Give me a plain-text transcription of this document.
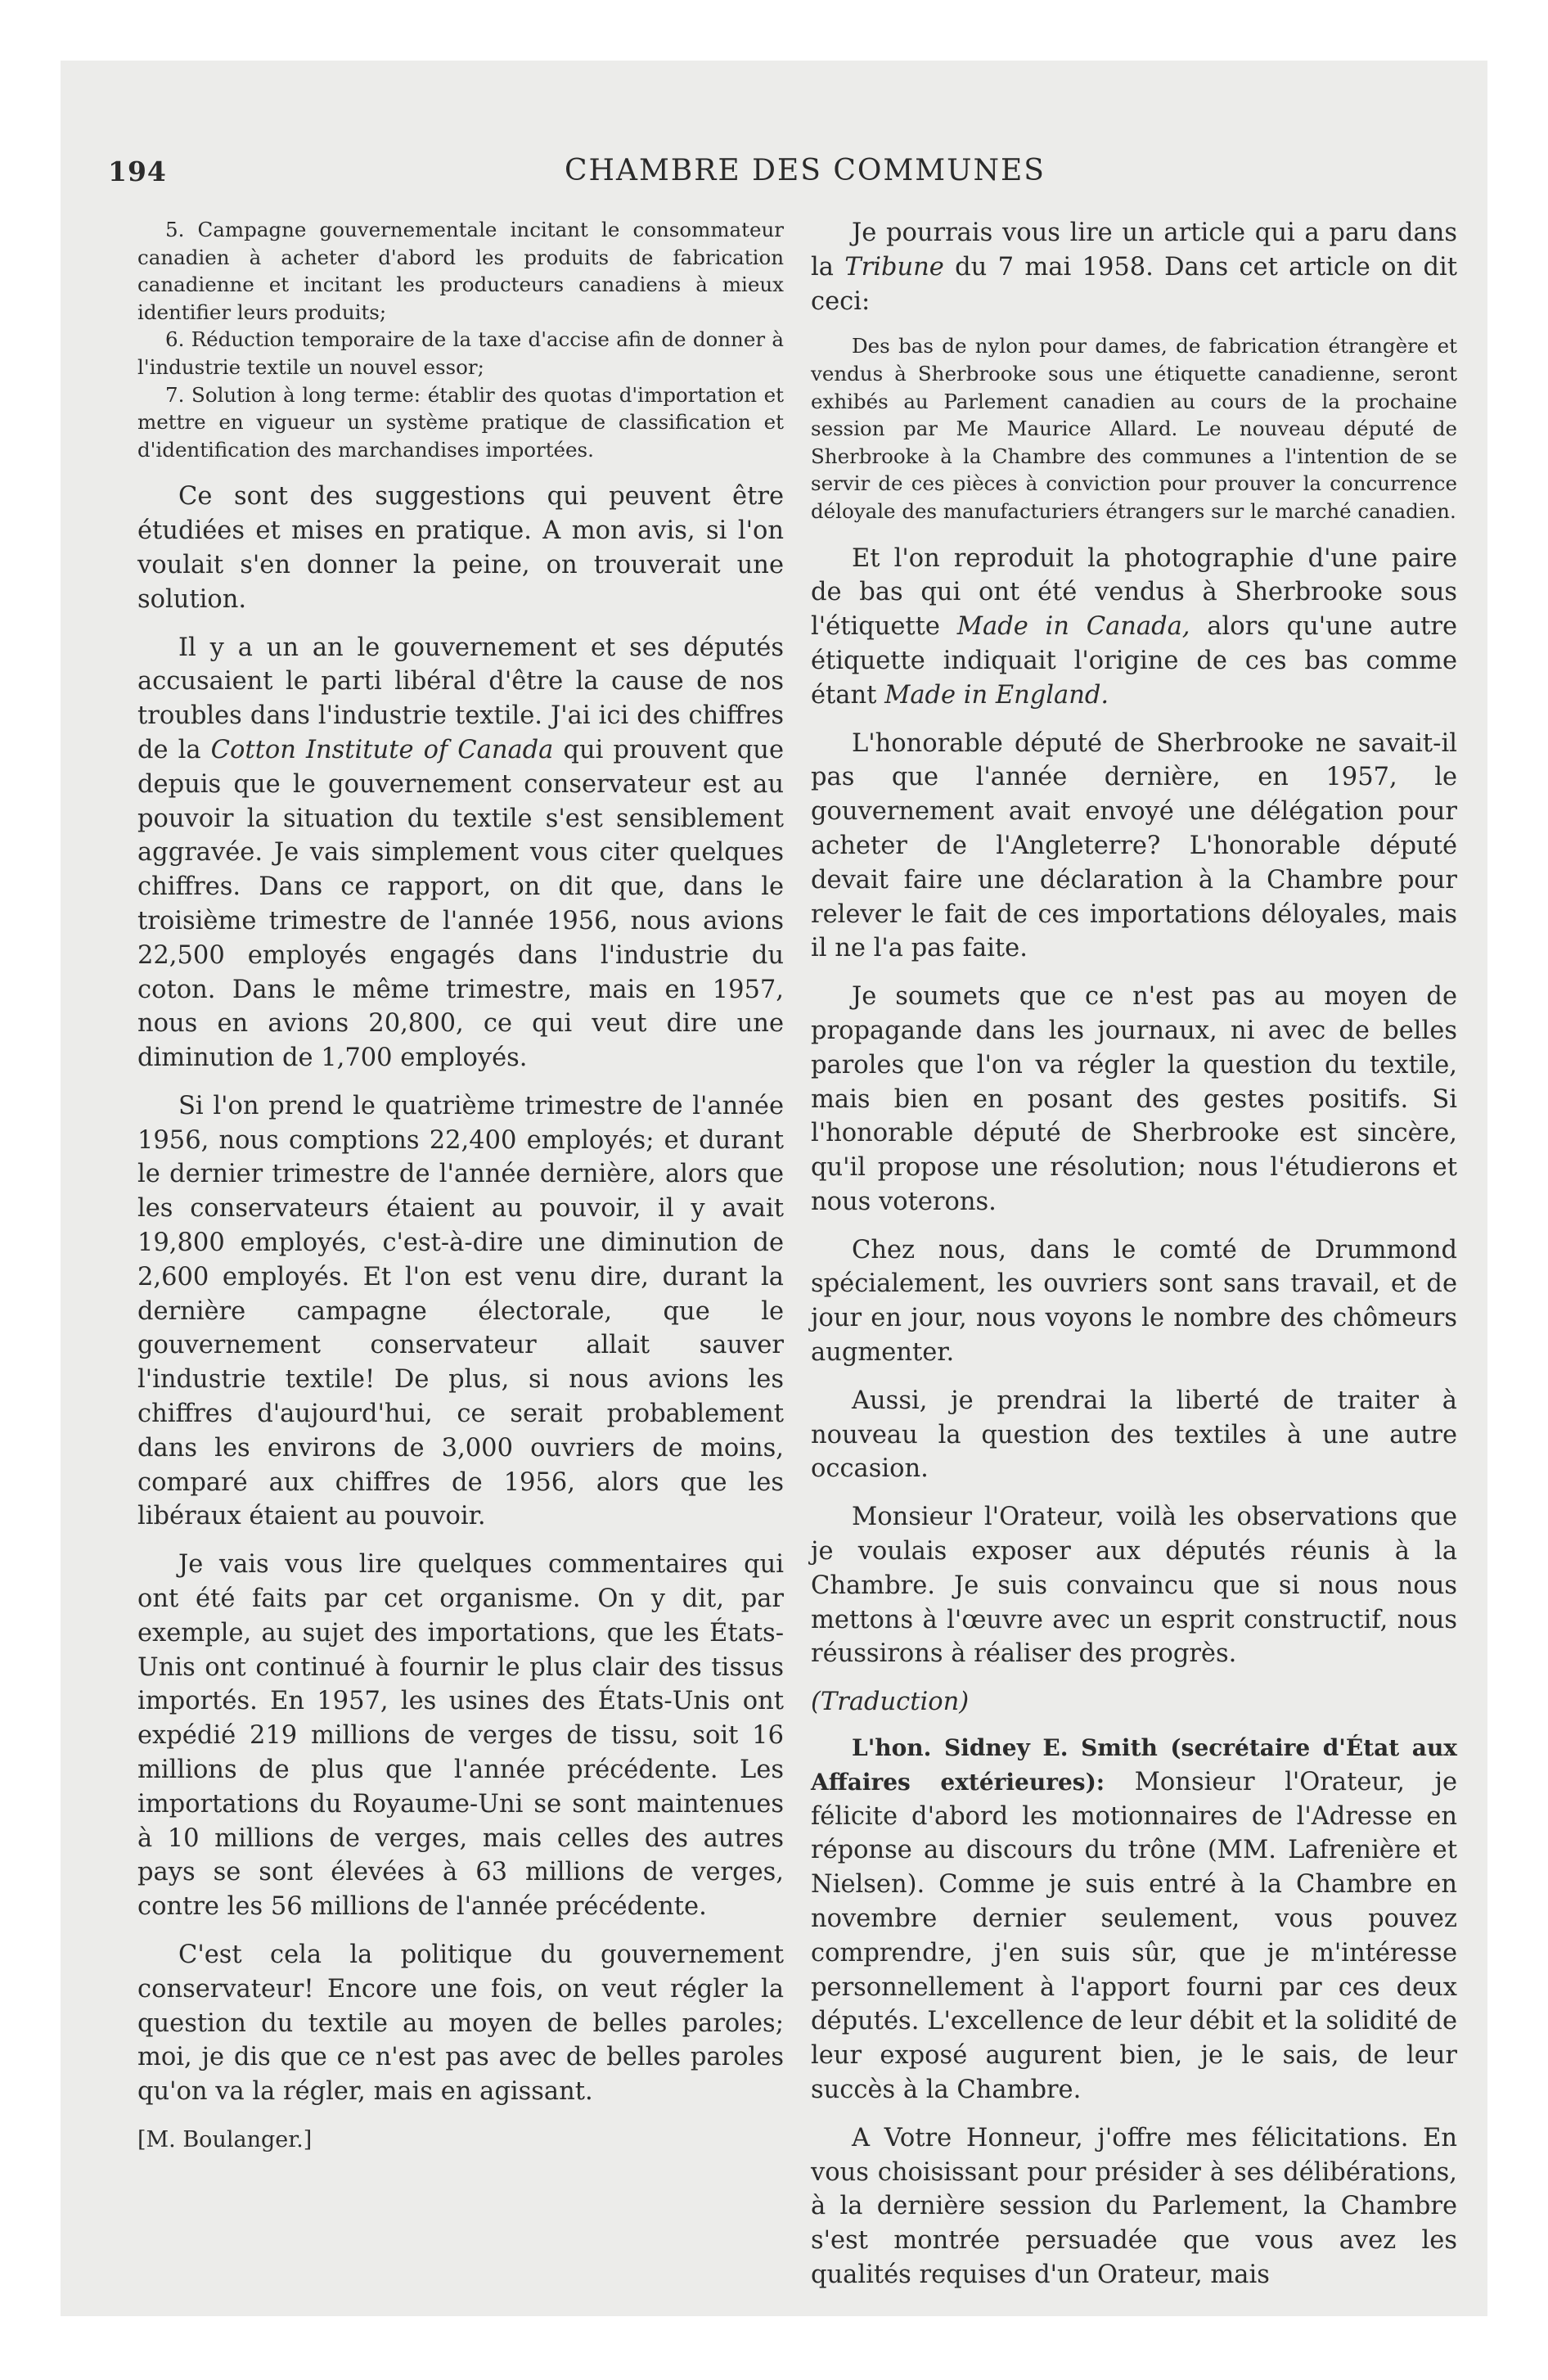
194	CHAMBRE DES COMMUNES

5. Campagne gouvernementale incitant le consommateur canadien à acheter d'abord les produits de fabrication canadienne et incitant les producteurs canadiens à mieux identifier leurs produits;

6. Réduction temporaire de la taxe d'accise afin de donner à l'industrie textile un nouvel essor;

7. Solution à long terme: établir des quotas d'importation et mettre en vigueur un système pratique de classification et d'identification des marchandises importées.

Ce sont des suggestions qui peuvent être étudiées et mises en pratique. A mon avis, si l'on voulait s'en donner la peine, on trouverait une solution.

Il y a un an le gouvernement et ses députés accusaient le parti libéral d'être la cause de nos troubles dans l'industrie textile. J'ai ici des chiffres de la Cotton Institute of Canada qui prouvent que depuis que le gouvernement conservateur est au pouvoir la situation du textile s'est sensiblement aggravée. Je vais simplement vous citer quelques chiffres. Dans ce rapport, on dit que, dans le troisième trimestre de l'année 1956, nous avions 22,500 employés engagés dans l'industrie du coton. Dans le même trimestre, mais en 1957, nous en avions 20,800, ce qui veut dire une diminution de 1,700 employés.

Si l'on prend le quatrième trimestre de l'année 1956, nous comptions 22,400 employés; et durant le dernier trimestre de l'année dernière, alors que les conservateurs étaient au pouvoir, il y avait 19,800 employés, c'est-à-dire une diminution de 2,600 employés. Et l'on est venu dire, durant la dernière campagne électorale, que le gouvernement conservateur allait sauver l'industrie textile! De plus, si nous avions les chiffres d'aujourd'hui, ce serait probablement dans les environs de 3,000 ouvriers de moins, comparé aux chiffres de 1956, alors que les libéraux étaient au pouvoir.

Je vais vous lire quelques commentaires qui ont été faits par cet organisme. On y dit, par exemple, au sujet des importations, que les États-Unis ont continué à fournir le plus clair des tissus importés. En 1957, les usines des États-Unis ont expédié 219 millions de verges de tissu, soit 16 millions de plus que l'année précédente. Les importations du Royaume-Uni se sont maintenues à 10 millions de verges, mais celles des autres pays se sont élevées à 63 millions de verges, contre les 56 millions de l'année précédente.

C'est cela la politique du gouvernement conservateur! Encore une fois, on veut régler la question du textile au moyen de belles paroles; moi, je dis que ce n'est pas avec de belles paroles qu'on va la régler, mais en agissant.

[M. Boulanger.]

Je pourrais vous lire un article qui a paru dans la Tribune du 7 mai 1958. Dans cet article on dit ceci:

Des bas de nylon pour dames, de fabrication étrangère et vendus à Sherbrooke sous une étiquette canadienne, seront exhibés au Parlement canadien au cours de la prochaine session par Me Maurice Allard. Le nouveau député de Sherbrooke à la Chambre des communes a l'intention de se servir de ces pièces à conviction pour prouver la concurrence déloyale des manufacturiers étrangers sur le marché canadien.

Et l'on reproduit la photographie d'une paire de bas qui ont été vendus à Sherbrooke sous l'étiquette Made in Canada, alors qu'une autre étiquette indiquait l'origine de ces bas comme étant Made in England.

L'honorable député de Sherbrooke ne savait-il pas que l'année dernière, en 1957, le gouvernement avait envoyé une délégation pour acheter de l'Angleterre? L'honorable député devait faire une déclaration à la Chambre pour relever le fait de ces importations déloyales, mais il ne l'a pas faite.

Je soumets que ce n'est pas au moyen de propagande dans les journaux, ni avec de belles paroles que l'on va régler la question du textile, mais bien en posant des gestes positifs. Si l'honorable député de Sherbrooke est sincère, qu'il propose une résolution; nous l'étudierons et nous voterons.

Chez nous, dans le comté de Drummond spécialement, les ouvriers sont sans travail, et de jour en jour, nous voyons le nombre des chômeurs augmenter.

Aussi, je prendrai la liberté de traiter à nouveau la question des textiles à une autre occasion.

Monsieur l'Orateur, voilà les observations que je voulais exposer aux députés réunis à la Chambre. Je suis convaincu que si nous nous mettons à l'œuvre avec un esprit constructif, nous réussirons à réaliser des progrès.

(Traduction)

L'hon. Sidney E. Smith (secrétaire d'État aux Affaires extérieures): Monsieur l'Orateur, je félicite d'abord les motionnaires de l'Adresse en réponse au discours du trône (MM. Lafrenière et Nielsen). Comme je suis entré à la Chambre en novembre dernier seulement, vous pouvez comprendre, j'en suis sûr, que je m'intéresse personnellement à l'apport fourni par ces deux députés. L'excellence de leur débit et la solidité de leur exposé augurent bien, je le sais, de leur succès à la Chambre.

A Votre Honneur, j'offre mes félicitations. En vous choisissant pour présider à ses délibérations, à la dernière session du Parlement, la Chambre s'est montrée persuadée que vous avez les qualités requises d'un Orateur, mais
